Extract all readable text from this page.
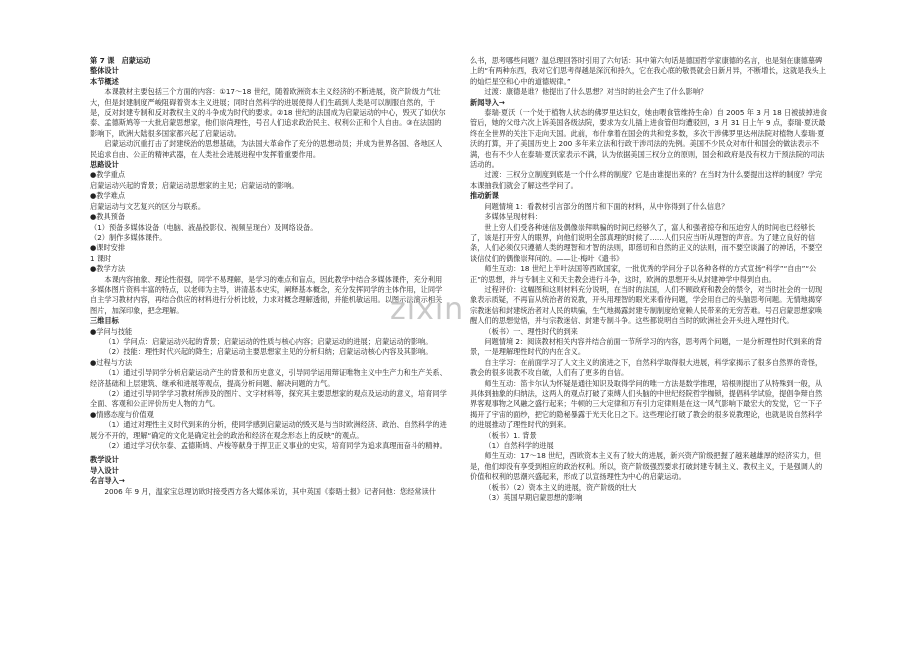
第 7 课　启蒙运动
整体设计
本节概述
本课教材主要包括三个方面的内容：①17～18 世纪，随着欧洲资本主义经济的不断进展，资产阶级力气壮大，但是封建制度严峻阻碍着资本主义进展；同时自然科学的进展使得人们生疏到人类是可以制服自然的，于是，反对封建专制和反对教权主义的斗争成为时代的要求。②18 世纪的法国成为启蒙运动的中心，毁灭了如伏尔泰、孟德斯鸠等一大批启蒙思想家，他们崇尚理性，号召人们追求政治民主、权利公正和个人自由。③在法国的影响下，欧洲大陆很多国家都兴起了启蒙运动。
启蒙运动沉重打击了封建统治的思想基础，为法国大革命作了充分的思想动员；并成为世界各国、各地区人民追求自由、公正的精神武器，在人类社会进展进程中发挥着重要作用。
思路设计
●教学重点
启蒙运动兴起的背景；启蒙运动思想家的主见；启蒙运动的影响。
●教学难点
启蒙运动与文艺复兴的区分与联系。
●教具预备
（1）预备多媒体设备（电脑、液晶投影仪、视频呈现台）及网络设备。
（2）制作多媒体课件。
●课时安排
1 课时
●教学方法
本课内容抽象、理论性很强，同学不易理解，是学习的难点和盲点，因此教学中结合多媒体课件，充分利用多媒体图片资料丰富的特点，以老师为主导，讲清基本史实，阐释基本概念，充分发挥同学的主体作用，让同学自主学习教材内容，再结合供应的材料进行分析比较，力求对概念理解透彻，并能机敏运用。以图示法演示相关图片，加深印象，把念理解。
三维目标
●学问与技能
（1）学问点：启蒙运动兴起的背景；启蒙运动的性质与核心内容；启蒙运动的进展；启蒙运动的影响。
（2）技能：理性时代兴起的降生；启蒙运动主要思想家主见的分析归纳；启蒙运动核心内容及其影响。
●过程与方法
（1）通过引导同学分析启蒙运动产生的背景和历史意义，引导同学运用辩证唯物主义中生产力和生产关系、经济基础和上层建筑、继承和进展等观点，提高分析问题、解决问题的力气。
（2）通过引导同学学习教材所涉及的图片、文字材料等，探究其主要思想家的观点及运动的意义，培育同学全面、客观和公正评价历史人物的力气。
●情感态度与价值观
（1）通过对理性主义时代到来的分析，使同学感到启蒙运动的毁灭是与当时欧洲经济、政治、自然科学的进展分不开的，理解“确定的文化是确定社会的政治和经济在观念形态上的反映”的观点。
（2）通过学习伏尔泰、孟德斯鸠、卢梭等献身于捍卫正义事业的史实，培育同学为追求真理而奋斗的精神。
教学设计
导入设计
名言导入→
2006 年 9 月，温家宝总理访欧时接受西方各大媒体采访，其中英国《泰晤士报》记者问他：您经常读什
么书，思考哪些问题？温总理回答时引用了六句话：其中第六句话是德国哲学家康德的名言，也是刻在康德墓碑上的“有两种东西，我对它们思考得越是深沉和持久，它在我心底的敬畏就会日新月异，不断增长，这就是我头上的灿烂星空和心中的道德规律。”
过渡：康德是谁？他提出了什么思想？对当时的社会产生了什么影响？
新闻导入→
泰瑞·夏沃（一个处于植物人状态的佛罗里达妇女，她由喂食管维持生命）自 2005 年 3 月 18 日被拔掉进食管后，她的父母六次上诉美国各级法院，要求为女儿插上进食管但均遭驳回，3 月 31 日上午 9 点，泰瑞·夏沃最终在全世界的关注下走向天国。此前，布什拿着在国会的共和党多数，多次干涉佛罗里达州法院对植物人泰瑞·夏沃的打算，开了美国历史上 200 多年来立法和行政干涉司法的先例。美国不少民众对布什和国会的做法表示不满，也有不少人在泰瑞·夏沃家表示不满，认为依据美国三权分立的原则，国会和政府是没有权力干预法院的司法活动的。
过渡：三权分立制度到底是一个什么样的制度？它是由谁提出来的？在当时为什么要提出这样的制度？学完本课抽我们就会了解这些学问了。
推动新课
问题情境 1：看教材引言部分的图片和下面的材料，从中你得到了什么信息？
多媒体呈现材料：
世上穷人们受各种迷信及偶像崇拜哄骗的时间已经够久了，富人和强者掠夺和压迫穷人的时间也已经够长了，该是打开穷人的眼界，向他们说明全部真理的时候了……人们只应当听从理智的声音。为了建立良好的信条，人们必须仅只遵循人类的理智和才智的法则，即慈切和自然的正义的法则，而不要空谈漏了的神话，不要空谈信仗们的偶像崇拜问的。——让·梅叶《遗书》
师生互动：18 世纪上半叶法国等西欧国家，一批优秀的学问分子以各种各样的方式宣扬“科学”“自由”“公正”的思想，并与专制主义和天主教会进行斗争，这时，欧洲的思想开头从封建神学中得到自由。
过程评价：这幅图和这则材料充分说明，在当时的法国，人们不顾政府和教会的禁令，对当时社会的一切现象表示质疑，不再盲从统治者的说教，开头用理智的眼光来看待问题，学会用自己的头脑思考问题。无情地揭穿宗教迷信和封建统治者对人民的哄骗，生气地揭露封建专制制度给宽赖人民带来的无穷苦难。号召启蒙思想家唤醒人们的思想觉悟，并与宗教迷信、封建专制斗争。这些都说明自当时的欧洲社会开头进入理性时代。
（板书）一、理性时代的到来
问题情境 2：阅读教材相关内容并结合前面一节所学习的内容，思考两个问题，一是分析理性时代到来的背景，一是理解理性时代的内在含义。
自主学习：在前面学习了人文主义的演进之下，自然科学取得很大进展，科学家揭示了很多自然界的奇怪，教会的很多说教不攻自破，人们有了更多的自信。
师生互动：笛卡尔认为怀疑是通往知识及取得学问的唯一方法是数学推理，培根则提出了从特殊到一般，从具体到抽象的归纳法，这两人的观点打破了束缚人们头脑的中世纪经院哲学枷锁，提倡科学试验，提倡争辩自然界客观事物之风融之盛行起来；牛顿的三大定律和万有引力定律则是在这一风气影响下最宏大的发觉，它一下子揭开了宇宙的面纱，把它的隐秘暴露于光天化日之下。这些理论打破了教会的很多说教理论，也就是说自然科学的进展推动了理性时代的到来。
（板书）1. 背景
（1）自然科学的进展
师生互动：17～18 世纪，西欧资本主义有了较大的进展，新兴资产阶级把握了越来越雄厚的经济实力，但是，他们却没有享受到相应的政治权利。所以，资产阶级强烈要求打破封建专制主义、教权主义，于是强调人的价值和权利的思潮兴盛起来，形成了以宣扬理性为中心的启蒙运动。
（板书）（2）资本主义的进展，资产阶级的壮大
（3）英国早期启蒙思想的影响
zixin
